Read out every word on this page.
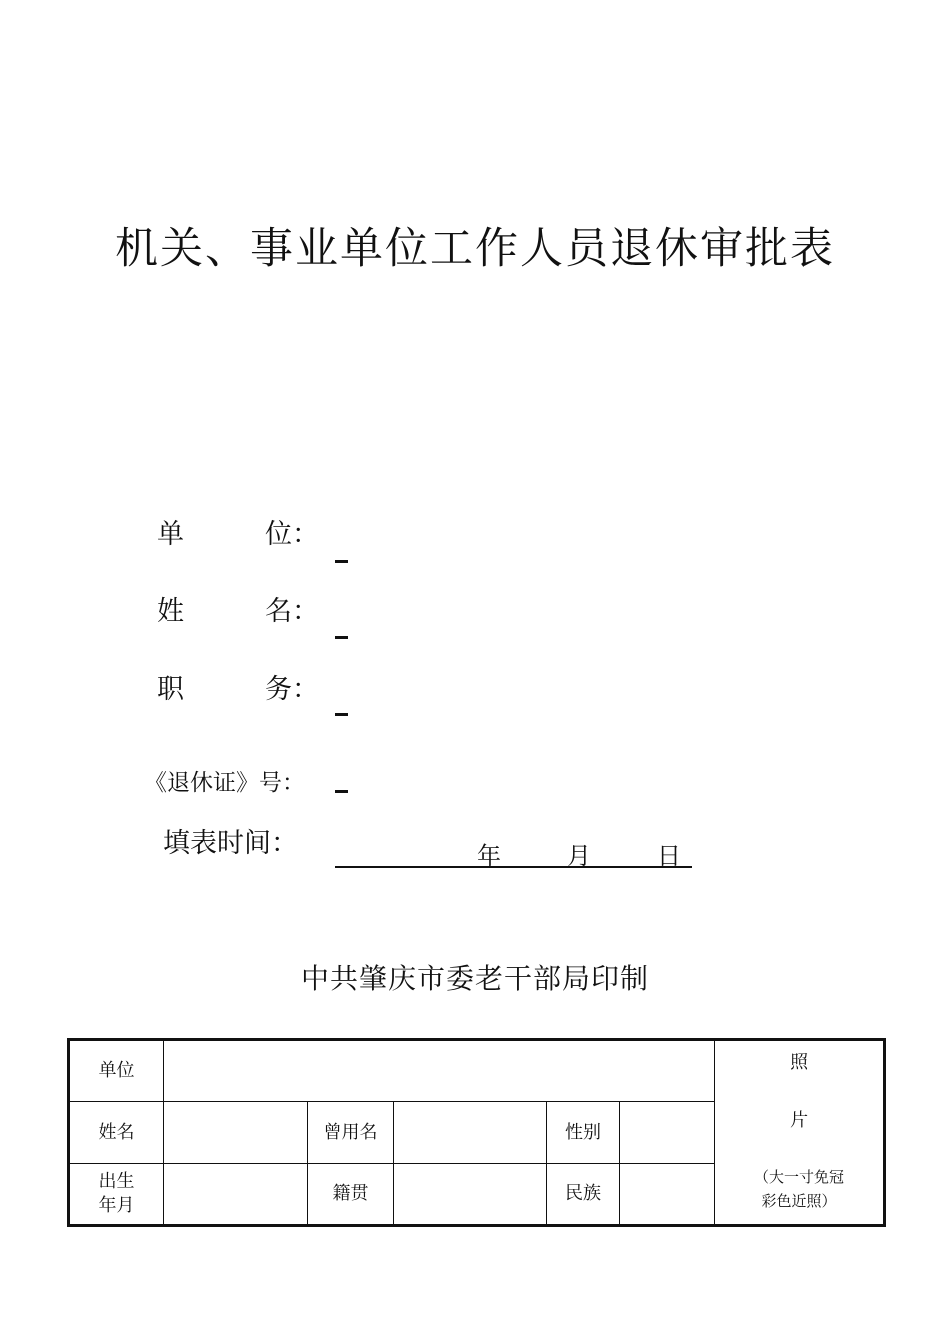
机关、事业单位工作人员退休审批表
单　　　位：
姓　　　名：
职　　　务：
《退休证》号：
填表时间：	年	月	日
中共肇庆市委老干部局印制
单位						照
片
（大一寸免冠
彩色近照）

姓名		曾用名		性别		

出生
年月		籍贯		民族		
